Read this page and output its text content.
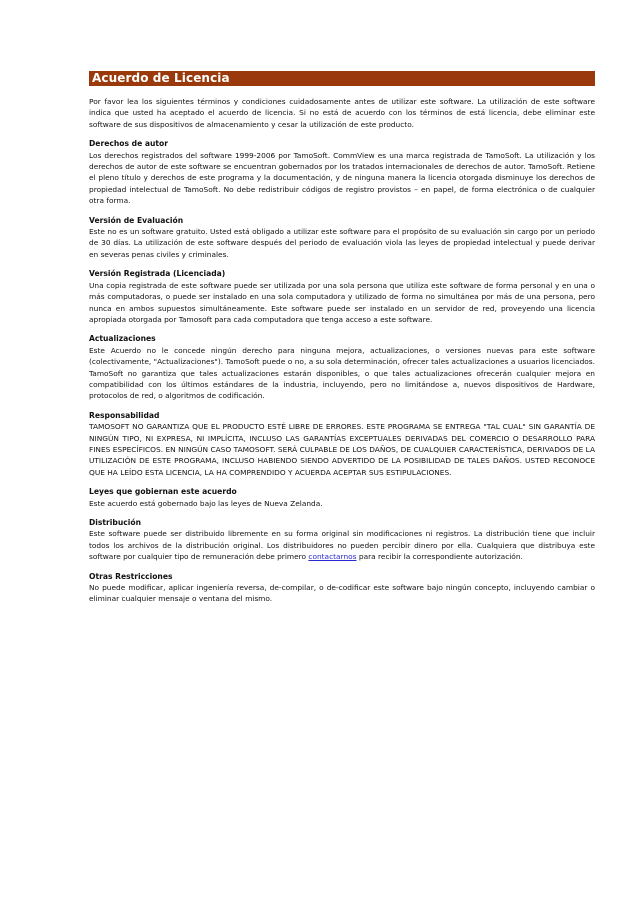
Acuerdo de Licencia

Por favor lea los siguientes términos y condiciones cuidadosamente antes de utilizar este software. La utilización de este software indica que usted ha aceptado el acuerdo de licencia. Si no está de acuerdo con los términos de está licencia, debe eliminar este software de sus dispositivos de almacenamiento y cesar la utilización de este producto.

Derechos de autor

Los derechos registrados del software 1999-2006 por TamoSoft. CommView es una marca registrada de TamoSoft. La utilización y los derechos de autor de este software se encuentran gobernados por los tratados internacionales de derechos de autor. TamoSoft. Retiene el pleno título y derechos de este programa y la documentación, y de ninguna manera la licencia otorgada disminuye los derechos de propiedad intelectual de TamoSoft. No debe redistribuir códigos de registro provistos – en papel, de forma electrónica o de cualquier otra forma.

Versión de Evaluación

Este no es un software gratuito. Usted está obligado a utilizar este software para el propósito de su evaluación sin cargo por un periodo de 30 días. La utilización de este software después del periodo de evaluación viola las leyes de propiedad intelectual y puede derivar en severas penas civiles y criminales.

Versión Registrada (Licenciada)

Una copia registrada de este software puede ser utilizada por una sola persona que utiliza este software de forma personal y en una o más computadoras, o puede ser instalado en una sola computadora y utilizado de forma no simultánea por más de una persona, pero nunca en ambos supuestos simultáneamente. Este software puede ser instalado en un servidor de red, proveyendo una licencia apropiada otorgada por Tamosoft para cada computadora que tenga acceso a este software.

Actualizaciones

Este Acuerdo no le concede ningún derecho para ninguna mejora, actualizaciones, o versiones nuevas para este software (colectivamente, "Actualizaciones"). TamoSoft puede o no, a su sola determinación, ofrecer tales actualizaciones a usuarios licenciados. TamoSoft no garantiza que tales actualizaciones estarán disponibles, o que tales actualizaciones ofrecerán cualquier mejora en compatibilidad con los últimos estándares de la industria, incluyendo, pero no limitándose a, nuevos dispositivos de Hardware, protocolos de red, o algoritmos de codificación.

Responsabilidad

TAMOSOFT NO GARANTIZA QUE EL PRODUCTO ESTÉ LIBRE DE ERRORES. ESTE PROGRAMA SE ENTREGA "TAL CUAL" SIN GARANTÍA DE NINGÚN TIPO, NI EXPRESA, NI IMPLÍCITA, INCLUSO LAS GARANTÍAS EXCEPTUALES DERIVADAS DEL COMERCIO O DESARROLLO PARA FINES ESPECÍFICOS. EN NINGÚN CASO TAMOSOFT. SERÁ CULPABLE DE LOS DAÑOS, DE CUALQUIER CARACTERÍSTICA, DERIVADOS DE LA UTILIZACIÓN DE ESTE PROGRAMA, INCLUSO HABIENDO SIENDO ADVERTIDO DE LA POSIBILIDAD DE TALES DAÑOS. USTED RECONOCE QUE HA LEÍDO ESTA LICENCIA, LA HA COMPRENDIDO Y ACUERDA ACEPTAR SUS ESTIPULACIONES.

Leyes que gobiernan este acuerdo

Este acuerdo está gobernado bajo las leyes de Nueva Zelanda.

Distribución

Este software puede ser distribuido libremente en su forma original sin modificaciones ni registros. La distribución tiene que incluir todos los archivos de la distribución original. Los distribuidores no pueden percibir dinero por ella. Cualquiera que distribuya este software por cualquier tipo de remuneración debe primero contactarnos para recibir la correspondiente autorización.

Otras Restricciones

No puede modificar, aplicar ingeniería reversa, de-compilar, o de-codificar este software bajo ningún concepto, incluyendo cambiar o eliminar cualquier mensaje o ventana del mismo.
